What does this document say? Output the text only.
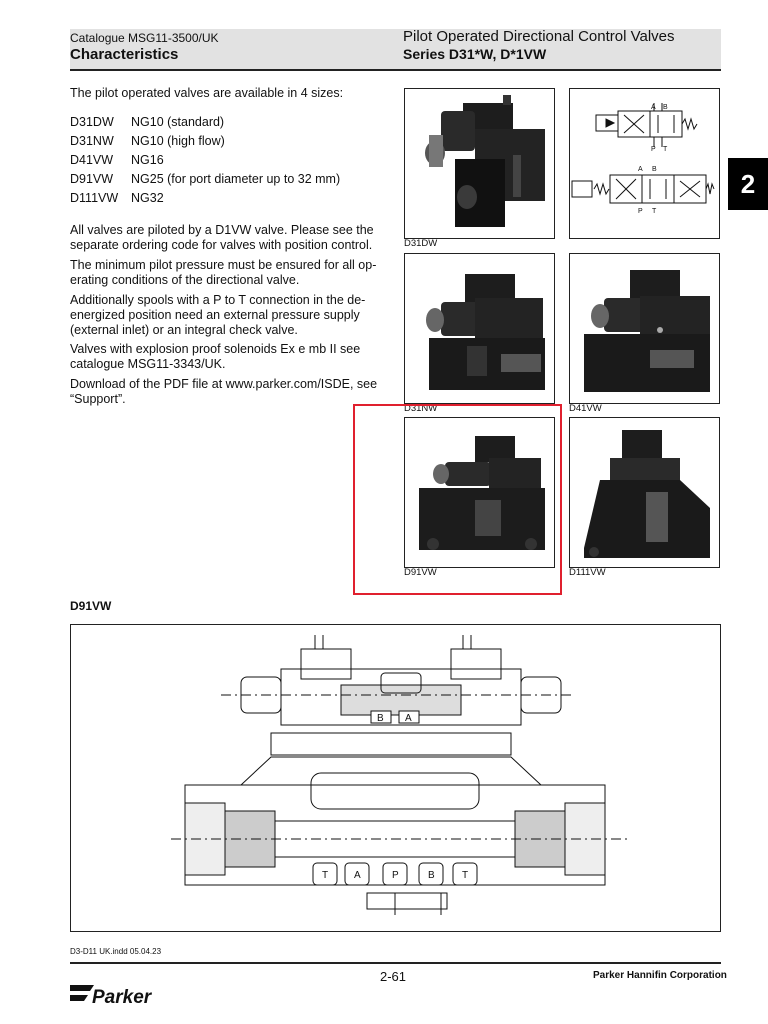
Catalogue MSG11-3500/UK
Characteristics
Pilot Operated Directional Control Valves
Series D31*W, D*1VW
2
The pilot operated valves are available in 4 sizes:
D31DW NG10 (standard)
D31NW NG10 (high flow)
D41VW NG16
D91VW NG25 (for port diameter up to 32 mm)
D111VW NG32
All valves are piloted by a D1VW valve. Please see the
separate ordering code for valves with position control.
The minimum pilot pressure must be ensured for all op-
erating conditions of the directional valve.
Additionally spools with a P to T connection in the de-
energized position need an external pressure supply
(external inlet) or an integral check valve.
Valves with explosion proof solenoids Ex e mb II see
catalogue MSG11-3343/UK.
Download of the PDF file at www.parker.com/ISDE, see
“Support”.
D31DW
A B
P T
A B
P T
D31NW	D41VW
D91VW	D111VW
D91VW
B A
T	A	P	B	T
D3-D11 UK.indd 05.04.23
2-61	Parker Hannifin Corporation
Parker
